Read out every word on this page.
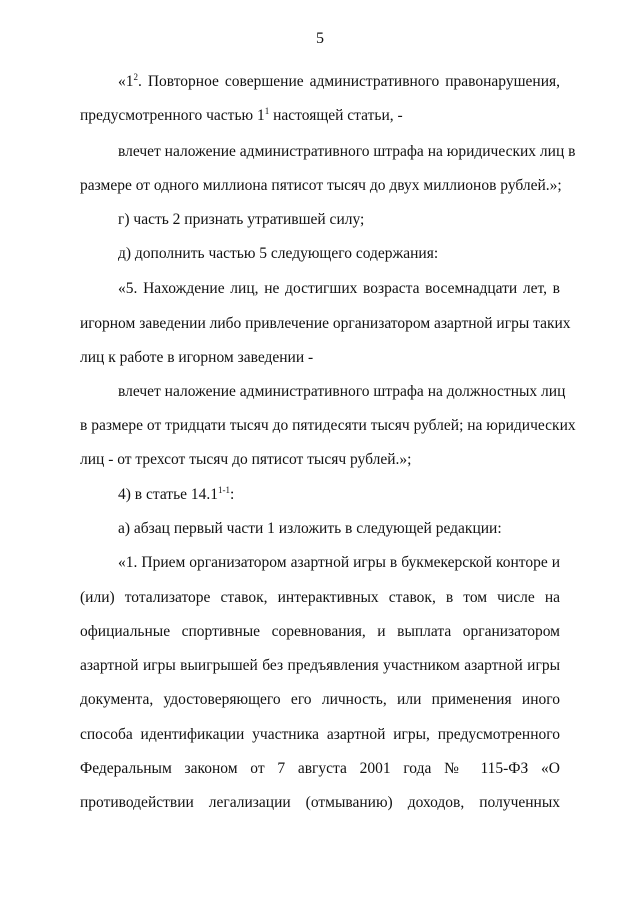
5
«$1^2$. Повторное совершение административного правонарушения,
предусмотренного частью $1^1$ настоящей статьи, -
влечет наложение административного штрафа на юридических лиц в
размере от одного миллиона пятисот тысяч до двух миллионов рублей.»;
г) часть 2 признать утратившей силу;
д) дополнить частью 5 следующего содержания:
«5. Нахождение лиц, не достигших возраста восемнадцати лет, в
игорном заведении либо привлечение организатором азартной игры таких
лиц к работе в игорном заведении -
влечет наложение административного штрафа на должностных лиц
в размере от тридцати тысяч до пятидесяти тысяч рублей; на юридических
лиц - от трехсот тысяч до пятисот тысяч рублей.»;
4) в статье 14.1$^{1-1}$:
а) абзац первый части 1 изложить в следующей редакции:
«1. Прием организатором азартной игры в букмекерской конторе и
(или) тотализаторе ставок, интерактивных ставок, в том числе на
официальные спортивные соревнования, и выплата организатором
азартной игры выигрышей без предъявления участником азартной игры
документа, удостоверяющего его личность, или применения иного
способа идентификации участника азартной игры, предусмотренного
Федеральным законом от 7 августа 2001 года № 115-ФЗ «О
противодействии легализации (отмыванию) доходов, полученных
